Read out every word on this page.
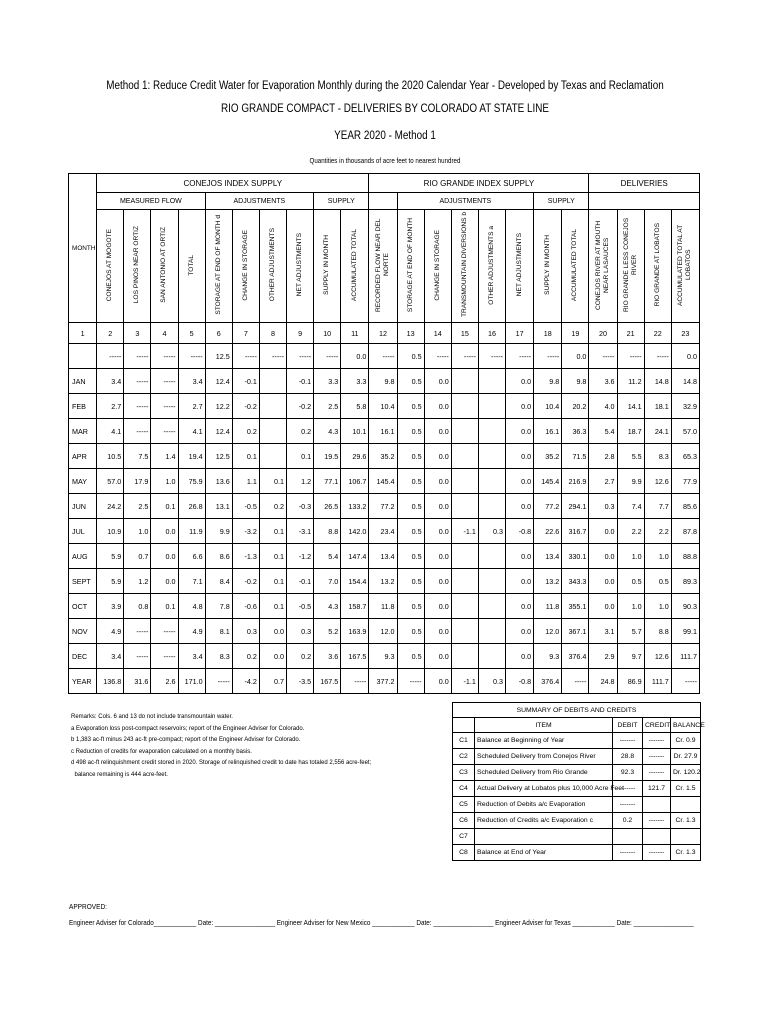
Method 1: Reduce Credit Water for Evaporation Monthly during the 2020 Calendar Year - Developed by Texas and Reclamation
RIO GRANDE COMPACT - DELIVERIES BY COLORADO AT STATE LINE
YEAR 2020 - Method 1
Quantities in thousands of acre feet to nearest hundred
MONTH	CONEJOS INDEX SUPPLY										RIO GRANDE INDEX SUPPLY								DELIVERIES			
	MEASURED FLOW				ADJUSTMENTS				SUPPLY			ADJUSTMENTS					SUPPLY					
	CONEJOS AT MOGOTE	LOS PINOS NEAR ORTIZ	SAN ANTONIO AT ORTIZ	TOTAL	STORAGE AT END OF MONTH d	CHANGE IN STORAGE	OTHER ADJUSTMENTS	NET ADJUSTMENTS	SUPPLY IN MONTH	ACCUMULATED TOTAL	RECORDED FLOW NEAR DEL NORTE	STORAGE AT END OF MONTH	CHANGE IN STORAGE	TRANSMOUNTAIN DIVERSIONS b	OTHER ADJUSTMENTS a	NET ADJUSTMENTS	SUPPLY IN MONTH	ACCUMULATED TOTAL	CONEJOS RIVER AT MOUTH NEAR LASAUCES	RIO GRANDE LESS CONEJOS RIVER	RIO GRANDE AT LOBATOS	ACCUMULATED TOTAL AT LOBATOS
1	2	3	4	5	6	7	8	9	10	11	12	13	14	15	16	17	18	19	20	21	22	23
	-----	-----	-----	-----	12.5	-----	-----	-----	-----	0.0	-----	0.5	-----	-----	-----	-----	-----	0.0	-----	-----	-----	0.0
JAN	3.4	-----	-----	3.4	12.4	-0.1		-0.1	3.3	3.3	9.8	0.5	0.0			0.0	9.8	9.8	3.6	11.2	14.8	14.8
FEB	2.7	-----	-----	2.7	12.2	-0.2		-0.2	2.5	5.8	10.4	0.5	0.0			0.0	10.4	20.2	4.0	14.1	18.1	32.9
MAR	4.1	-----	-----	4.1	12.4	0.2		0.2	4.3	10.1	16.1	0.5	0.0			0.0	16.1	36.3	5.4	18.7	24.1	57.0
APR	10.5	7.5	1.4	19.4	12.5	0.1		0.1	19.5	29.6	35.2	0.5	0.0			0.0	35.2	71.5	2.8	5.5	8.3	65.3
MAY	57.0	17.9	1.0	75.9	13.6	1.1	0.1	1.2	77.1	106.7	145.4	0.5	0.0			0.0	145.4	216.9	2.7	9.9	12.6	77.9
JUN	24.2	2.5	0.1	26.8	13.1	-0.5	0.2	-0.3	26.5	133.2	77.2	0.5	0.0			0.0	77.2	294.1	0.3	7.4	7.7	85.6
JUL	10.9	1.0	0.0	11.9	9.9	-3.2	0.1	-3.1	8.8	142.0	23.4	0.5	0.0	-1.1	0.3	-0.8	22.6	316.7	0.0	2.2	2.2	87.8
AUG	5.9	0.7	0.0	6.6	8.6	-1.3	0.1	-1.2	5.4	147.4	13.4	0.5	0.0			0.0	13.4	330.1	0.0	1.0	1.0	88.8
SEPT	5.9	1.2	0.0	7.1	8.4	-0.2	0.1	-0.1	7.0	154.4	13.2	0.5	0.0			0.0	13.2	343.3	0.0	0.5	0.5	89.3
OCT	3.9	0.8	0.1	4.8	7.8	-0.6	0.1	-0.5	4.3	158.7	11.8	0.5	0.0			0.0	11.8	355.1	0.0	1.0	1.0	90.3
NOV	4.9	-----	-----	4.9	8.1	0.3	0.0	0.3	5.2	163.9	12.0	0.5	0.0			0.0	12.0	367.1	3.1	5.7	8.8	99.1
DEC	3.4	-----	-----	3.4	8.3	0.2	0.0	0.2	3.6	167.5	9.3	0.5	0.0			0.0	9.3	376.4	2.9	9.7	12.6	111.7
YEAR	136.8	31.6	2.6	171.0	-----	-4.2	0.7	-3.5	167.5	-----	377.2	-----	0.0	-1.1	0.3	-0.8	376.4	-----	24.8	86.9	111.7	-----
Remarks: Cols. 6 and 13 do not include transmountain water.
a Evaporation loss post-compact reservoirs; report of the Engineer Adviser for Colorado.
b 1,383 ac-ft minus 243 ac-ft pre-compact; report of the Engineer Adviser for Colorado.
c Reduction of credits for evaporation calculated on a monthly basis.
d 498 ac-ft relinquishment credit stored in 2020. Storage of relinquished credit to date has totaled 2,556 acre-feet;
balance remaining is 444 acre-feet.
SUMMARY OF DEBITS AND CREDITS				
	ITEM	DEBIT	CREDIT	BALANCE
C1	Balance at Beginning of Year	-------	-------	Cr. 0.9
C2	Scheduled Delivery from Conejos River	28.8	-------	Dr. 27.9
C3	Scheduled Delivery from Rio Grande	92.3	-------	Dr. 120.2
C4	Actual Delivery at Lobatos plus 10,000 Acre Feet	-------	121.7	Cr. 1.5
C5	Reduction of Debits a/c Evaporation	-------		
C6	Reduction of Credits a/c Evaporation c	0.2	-------	Cr. 1.3
C7				
C8	Balance at End of Year	-------	-------	Cr. 1.3
APPROVED:
Engineer Adviser for Colorado____________ Date: _________________ Engineer Adviser for New Mexico ____________ Date: _________________ Engineer Adviser for Texas ____________ Date: _________________
